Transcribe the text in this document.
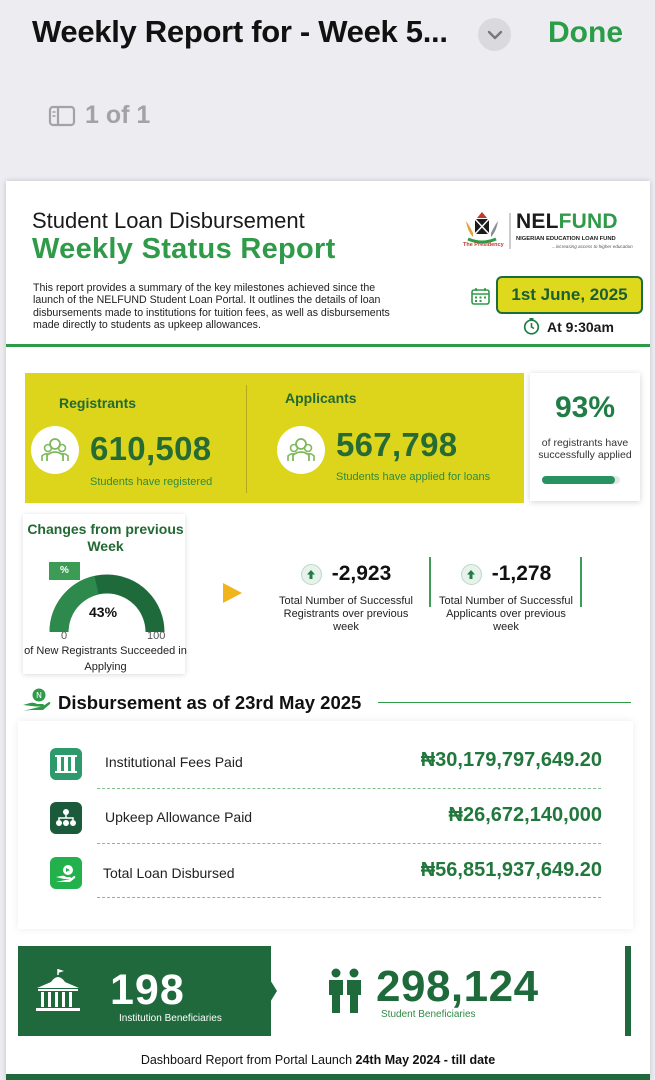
Weekly Report for - Week 5...	Done
1 of 1
Student Loan Disbursement
Weekly Status Report
This report provides a summary of the key milestones achieved since the launch of the NELFUND Student Loan Portal. It outlines the details of loan disbursements made to institutions for tuition fees, as well as disbursements made directly to students as upkeep allowances.
The Presidency
NELFUND
NIGERIAN EDUCATION LOAN FUND
...increasing access to higher education
1st June, 2025
At 9:30am
Registrants
610,508
Students have registered
Applicants
567,798
Students have applied for loans
93%
of registrants have successfully applied
Changes from previous Week
%
43%
0	100
of New Registrants Succeeded in Applying
-2,923
Total Number of Successful Registrants over previous week
-1,278
Total Number of Successful Applicants over previous week
N Disbursement as of 23rd May 2025
Institutional Fees Paid	₦30,179,797,649.20
Upkeep Allowance Paid	₦26,672,140,000
Total Loan Disbursed	₦56,851,937,649.20
198
Institution Beneficiaries
298,124
Student Beneficiaries
Dashboard Report from Portal Launch 24th May 2024 - till date
